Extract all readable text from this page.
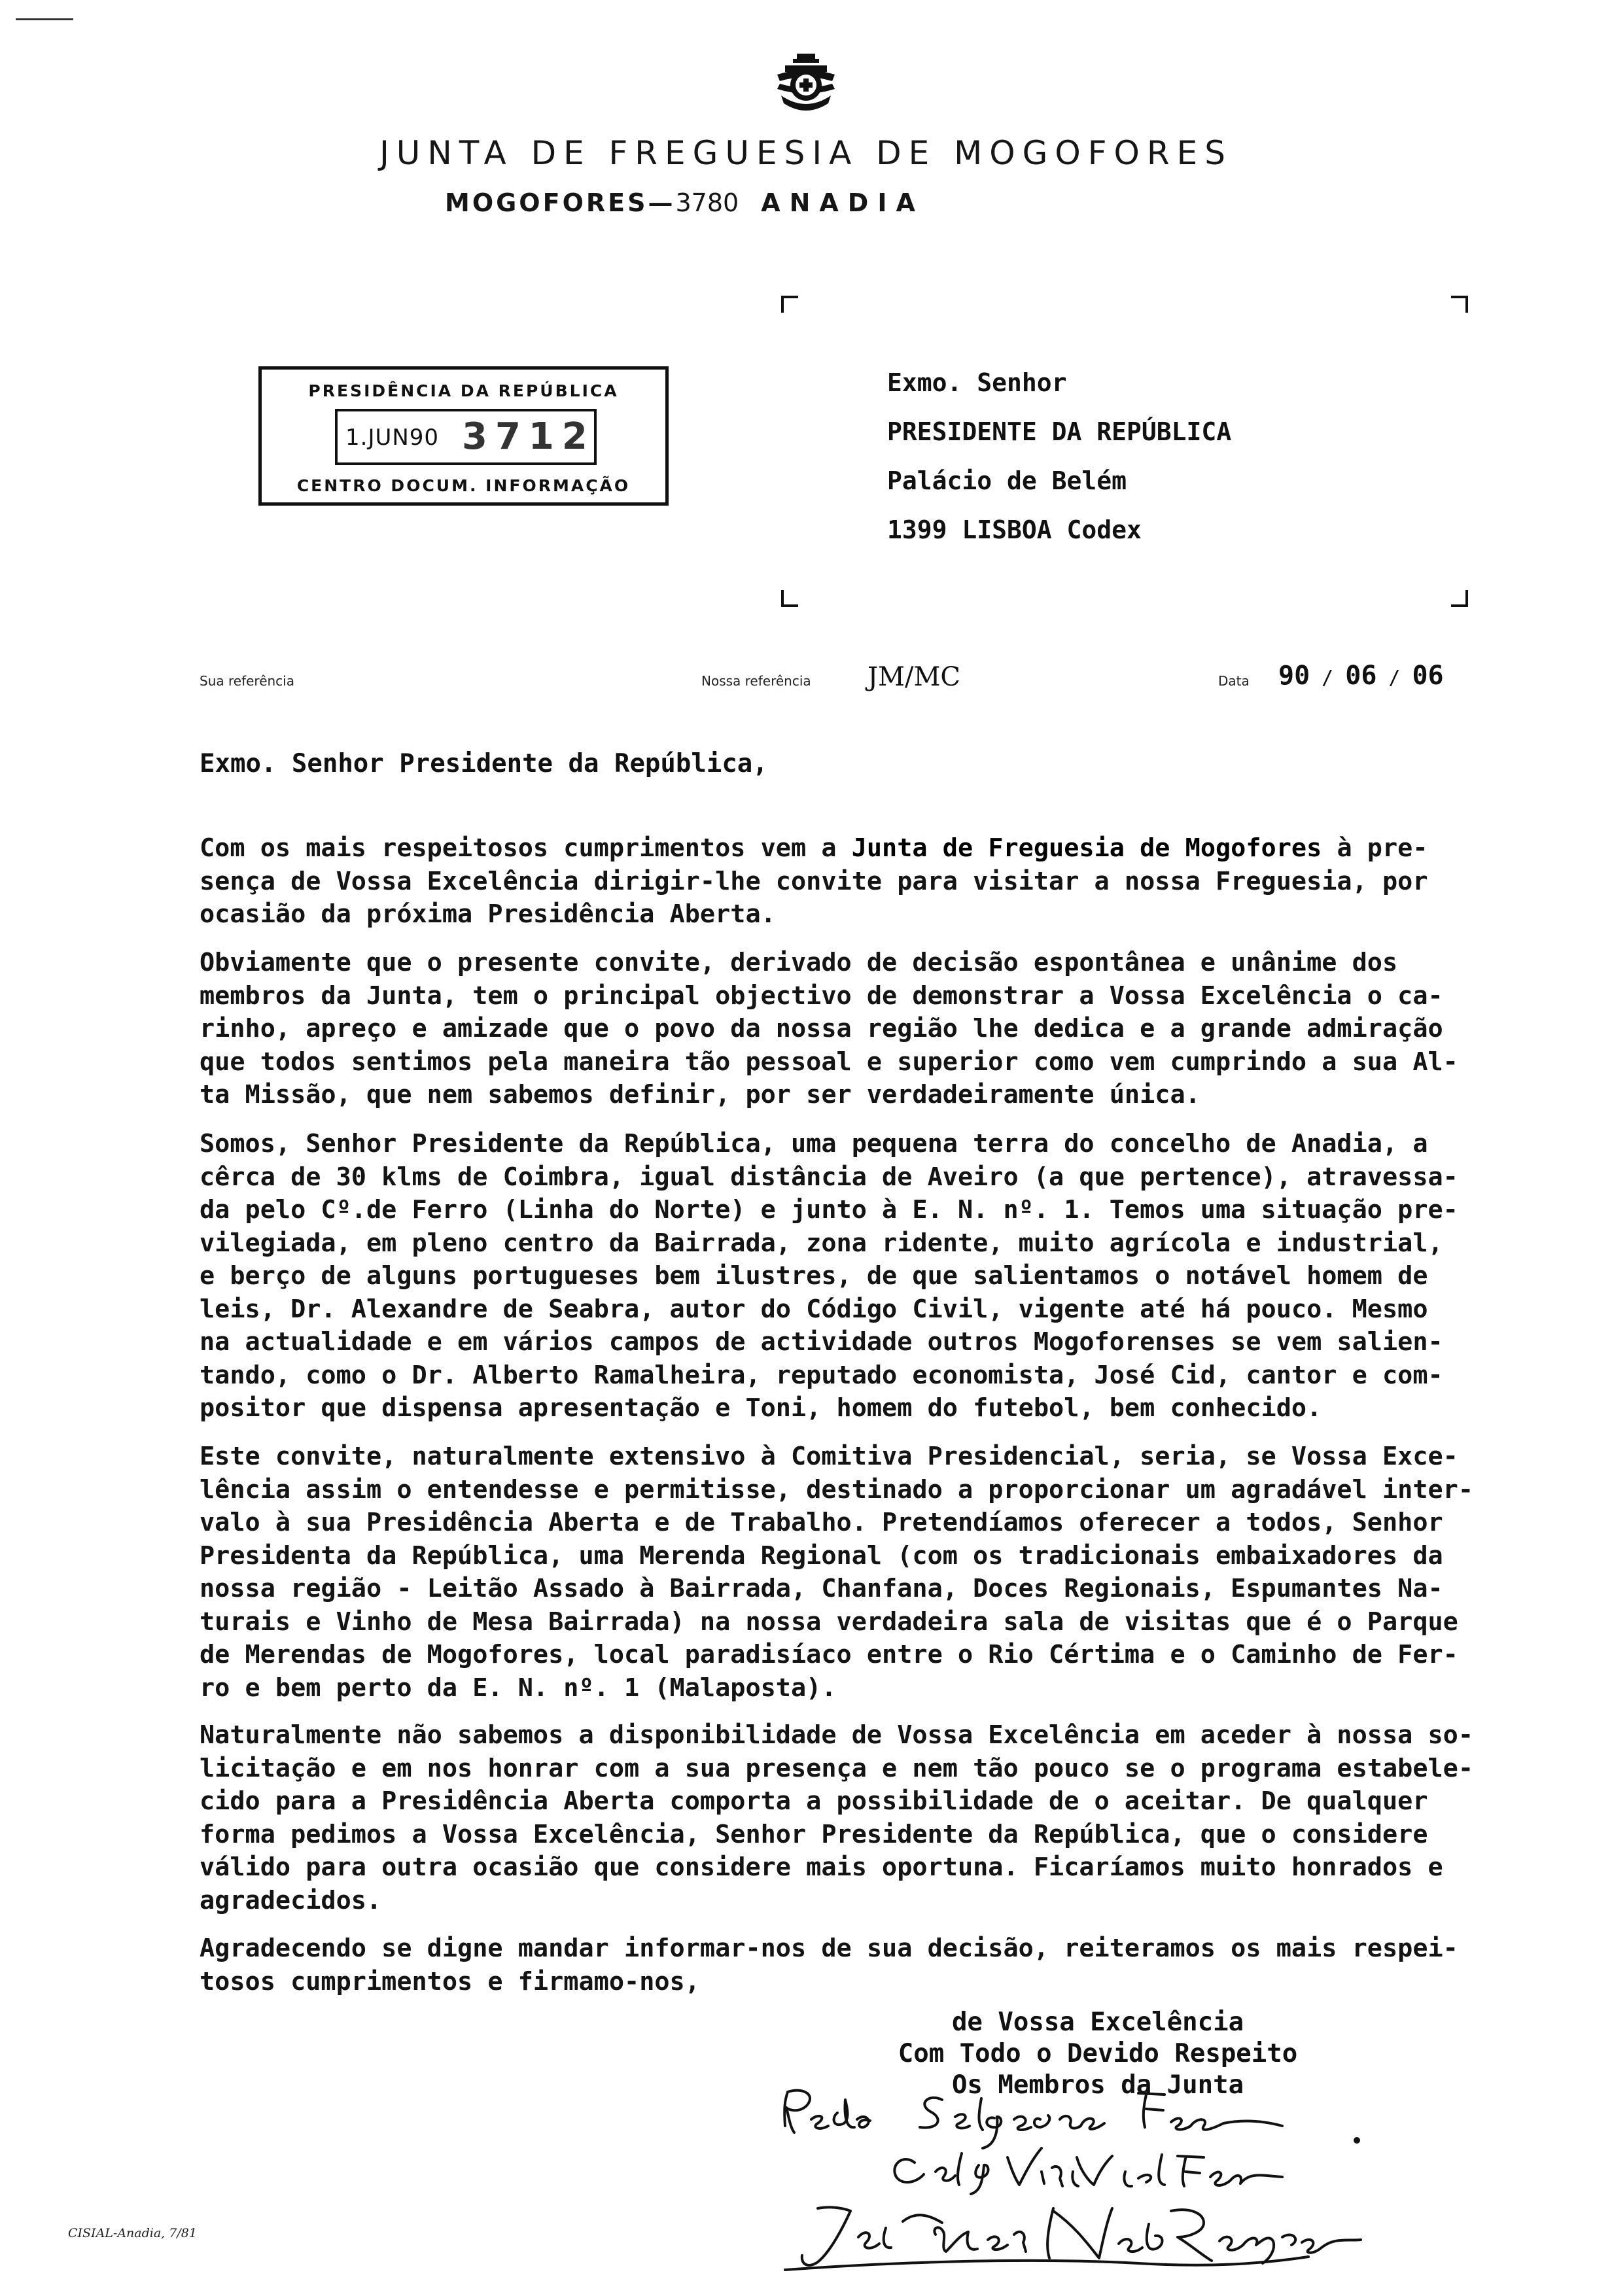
JUNTA DE FREGUESIA DE MOGOFORES
MOGOFORES—3780 ANADIA
Exmo. Senhor
PRESIDENTE DA REPÚBLICA
Palácio de Belém
1399 LISBOA Codex
PRESIDÊNCIA DA REPÚBLICA
1.JUN90 3712
CENTRO DOCUM. INFORMAÇÃO
Sua referência	Nossa referência JM/MC	Data 90 / 06 / 06
Exmo. Senhor Presidente da República,
Com os mais respeitosos cumprimentos vem a Junta de Freguesia de Mogofores à pre-
sença de Vossa Excelência dirigir-lhe convite para visitar a nossa Freguesia, por
ocasião da próxima Presidência Aberta.
Obviamente que o presente convite, derivado de decisão espontânea e unânime dos
membros da Junta, tem o principal objectivo de demonstrar a Vossa Excelência o ca-
rinho, apreço e amizade que o povo da nossa região lhe dedica e a grande admiração
que todos sentimos pela maneira tão pessoal e superior como vem cumprindo a sua Al-
ta Missão, que nem sabemos definir, por ser verdadeiramente única.
Somos, Senhor Presidente da República, uma pequena terra do concelho de Anadia, a
cêrca de 30 klms de Coimbra, igual distância de Aveiro (a que pertence), atravessa-
da pelo Cº.de Ferro (Linha do Norte) e junto à E. N. nº. 1. Temos uma situação pre-
vilegiada, em pleno centro da Bairrada, zona ridente, muito agrícola e industrial,
e berço de alguns portugueses bem ilustres, de que salientamos o notável homem de
leis, Dr. Alexandre de Seabra, autor do Código Civil, vigente até há pouco. Mesmo
na actualidade e em vários campos de actividade outros Mogoforenses se vem salien-
tando, como o Dr. Alberto Ramalheira, reputado economista, José Cid, cantor e com-
positor que dispensa apresentação e Toni, homem do futebol, bem conhecido.
Este convite, naturalmente extensivo à Comitiva Presidencial, seria, se Vossa Exce-
lência assim o entendesse e permitisse, destinado a proporcionar um agradável inter-
valo à sua Presidência Aberta e de Trabalho. Pretendíamos oferecer a todos, Senhor
Presidenta da República, uma Merenda Regional (com os tradicionais embaixadores da
nossa região - Leitão Assado à Bairrada, Chanfana, Doces Regionais, Espumantes Na-
turais e Vinho de Mesa Bairrada) na nossa verdadeira sala de visitas que é o Parque
de Merendas de Mogofores, local paradisíaco entre o Rio Cértima e o Caminho de Fer-
ro e bem perto da E. N. nº. 1 (Malaposta).
Naturalmente não sabemos a disponibilidade de Vossa Excelência em aceder à nossa so-
licitação e em nos honrar com a sua presença e nem tão pouco se o programa estabele-
cido para a Presidência Aberta comporta a possibilidade de o aceitar. De qualquer
forma pedimos a Vossa Excelência, Senhor Presidente da República, que o considere
válido para outra ocasião que considere mais oportuna. Ficaríamos muito honrados e
agradecidos.
Agradecendo se digne mandar informar-nos de sua decisão, reiteramos os mais respei-
tosos cumprimentos e firmamo-nos,
de Vossa Excelência
Com Todo o Devido Respeito
Os Membros da Junta
CISIAL-Anadia, 7/81
